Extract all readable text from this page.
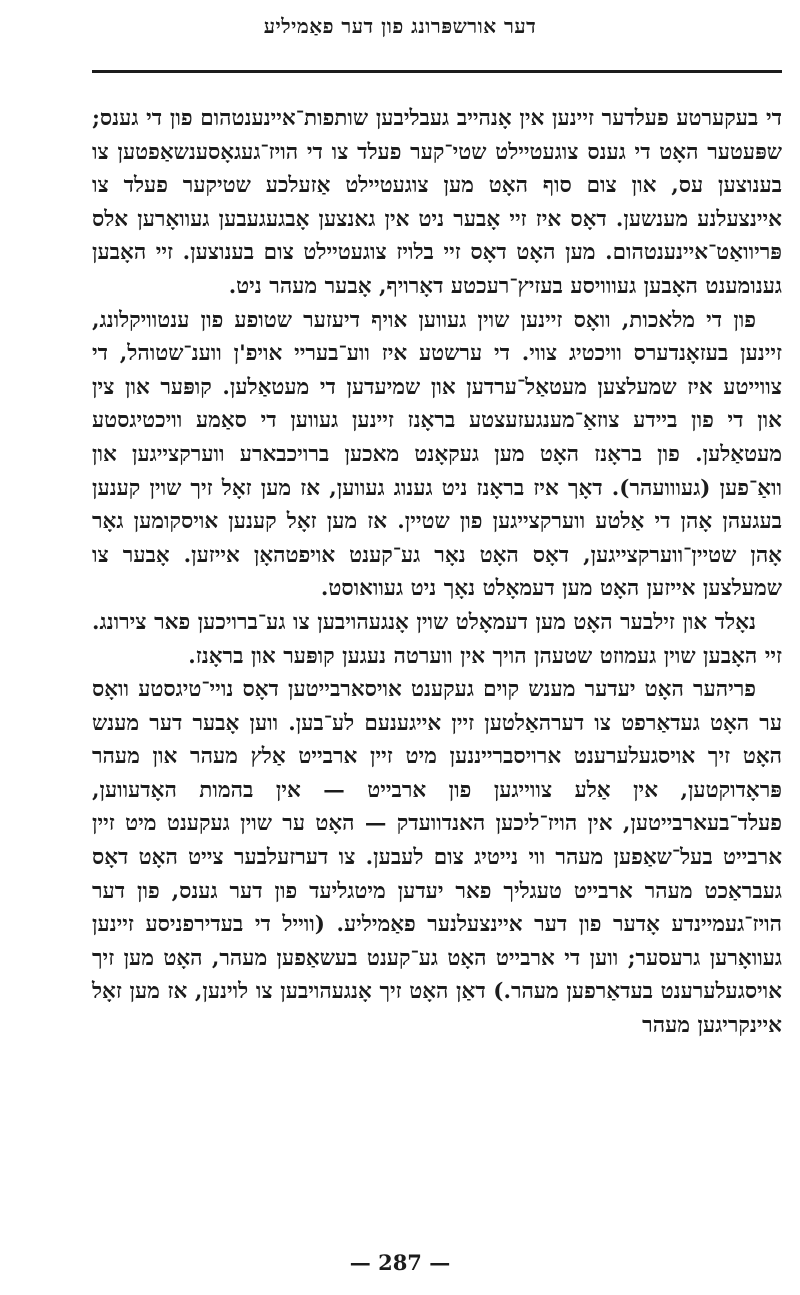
דער אורשפּרונג פון דער פאַמיליע

די בעקערטע פעלדער זיינען אין אָנהייב געבליבען שותפות־איינענטהום פון די גענס; שפּעטער האָט די גענס צוגעטיילט שטי־קער פעלד צו די הויז־געגאָסענשאַפטען צו בענוצען עס, און צום סוף האָט מען צוגעטיילט אַזעלכע שטיקער פעלד צו איינצעלנע מענשען. דאָס איז זיי אָבער ניט אין גאנצען אָבגעגעבען געוואָרען אלס פּריוואַט־איינענטהום. מען האָט דאָס זיי בלויז צוגעטיילט צום בענוצען. זיי האָבען גענומענט האָבען געווויסע בעזיץ־רעכטע דאָרויף, אָבער מעהר ניט.

פון די מלאכות, וואָס זיינען שוין געווען אויף דיעזער שטופע פון ענטוויקלונג, זיינען בעזאָנדערס וויכטיג צווי. די ערשטע איז ווע־בעריי אויפ'ן ווענ־שטוהל, די צווייטע איז שמעלצען מעטאַל־ערדען און שמיעדען די מעטאַלען. קופּער און צין און די פון ביידע צוזאַ־מענגעזעצטע בראָנז זיינען געווען די סאַמע וויכטיגסטע מעטאַלען. פון בראָנז האָט מען געקאָנט מאכען ברויכבארע ווערקצייגען און וואַ־פען (געווועהר). דאָך איז בראָנז ניט גענוג געווען, אז מען זאָל זיך שוין קענען בעגעהן אָהן די אַלטע ווערקצייגען פון שטיין. אז מען זאָל קענען אויסקומען גאָר אָהן שטיין־ווערקצייגען, דאָס האָט נאָר גע־קענט אויפטהאָן אייזען. אָבער צו שמעלצען אייזען האָט מען דעמאָלט נאָך ניט געוואוסט.

נאָלד און זילבער האָט מען דעמאָלט שוין אָנגעהויבען צו גע־ברויכען פאר צירונג. זיי האָבען שוין געמוזט שטעהן הויך אין ווערטה נעגען קופּער און בראָנז.

פריהער האָט יעדער מענש קוים געקענט אויסארבייטען דאָס נויי־טיגסטע וואָס ער האָט געדאַרפט צו דערהאַלטען זיין אייגענעם לע־בען. ווען אָבער דער מענש האָט זיך אויסגעלערענט ארויסברייננען מיט זיין ארבייט אַלץ מעהר און מעהר פּראָדוקטען, אין אַלע צווייגען פון ארבייט — אין בהמות האָדעווען, פעלד־בעארבייטען, אין הויז־ליכען האנדוועדק — האָט ער שוין געקענט מיט זיין ארבייט בעל־שאַפען מעהר ווי נייטיג צום לעבען. צו דערזעלבער צייט האָט דאָס געבראַכט מעהר ארבייט טעגליך פאר יעדען מיטגליעד פון דער גענס, פון דער הויז־געמיינדע אָדער פון דער איינצעלנער פאַמיליע. (ווייל די בעדירפניסע זיינען געוואָרען גרעסער; ווען די ארבייט האָט גע־קענט בעשאַפען מעהר, האָט מען זיך אויסגעלערענט בעדאַרפען מעהר.) דאַן האָט זיך אָנגעהויבען צו לוינען, אז מען זאָל איינקריגען מעהר

— 287 —
